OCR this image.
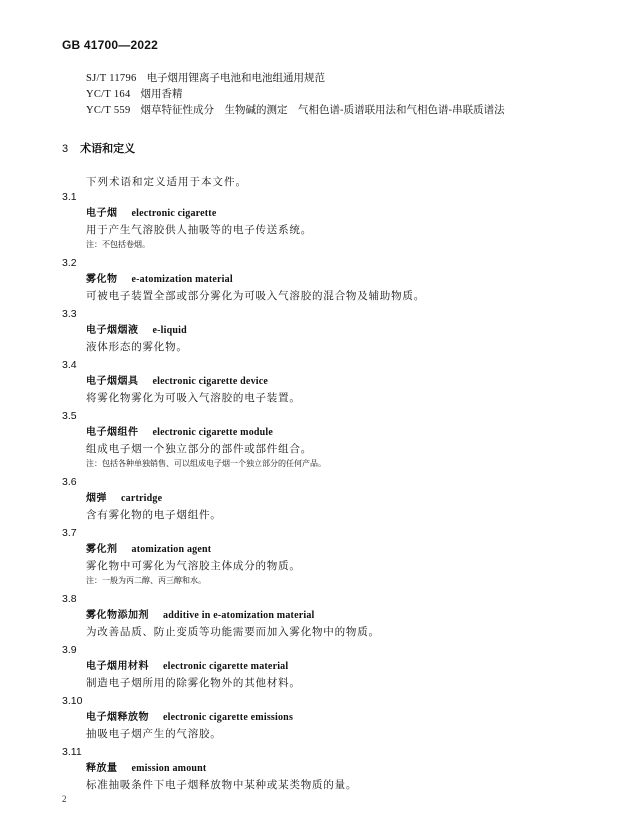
GB 41700—2022
SJ/T 11796 电子烟用锂离子电池和电池组通用规范
YC/T 164 烟用香精
YC/T 559 烟草特征性成分　生物碱的测定　气相色谱-质谱联用法和气相色谱-串联质谱法
3 术语和定义
下列术语和定义适用于本文件。
3.1
电子烟 electronic cigarette
用于产生气溶胶供人抽吸等的电子传送系统。
注：不包括卷烟。
3.2
雾化物 e-atomization material
可被电子装置全部或部分雾化为可吸入气溶胶的混合物及辅助物质。
3.3
电子烟烟液 e-liquid
液体形态的雾化物。
3.4
电子烟烟具 electronic cigarette device
将雾化物雾化为可吸入气溶胶的电子装置。
3.5
电子烟组件 electronic cigarette module
组成电子烟一个独立部分的部件或部件组合。
注：包括各种单独销售、可以组成电子烟一个独立部分的任何产品。
3.6
烟弹 cartridge
含有雾化物的电子烟组件。
3.7
雾化剂 atomization agent
雾化物中可雾化为气溶胶主体成分的物质。
注：一般为丙二醇、丙三醇和水。
3.8
雾化物添加剂 additive in e-atomization material
为改善品质、防止变质等功能需要而加入雾化物中的物质。
3.9
电子烟用材料 electronic cigarette material
制造电子烟所用的除雾化物外的其他材料。
3.10
电子烟释放物 electronic cigarette emissions
抽吸电子烟产生的气溶胶。
3.11
释放量 emission amount
标准抽吸条件下电子烟释放物中某种或某类物质的量。
2
